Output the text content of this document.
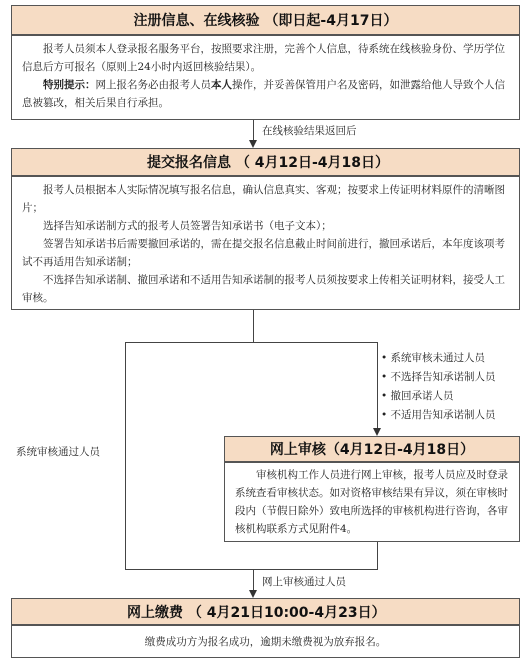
注册信息、在线核验 （即日起-4月17日）

报考人员须本人登录报名服务平台，按照要求注册，完善个人信息，待系统在线核验身份、学历学位信息后方可报名（原则上24小时内返回核验结果）。

特别提示：网上报名务必由报考人员本人操作，并妥善保管用户名及密码，如泄露给他人导致个人信息被篡改，相关后果自行承担。

在线核验结果返回后
提交报名信息 （ 4月12日-4月18日）

报考人员根据本人实际情况填写报名信息，确认信息真实、客观；按要求上传证明材料原件的清晰图片；

选择告知承诺制方式的报考人员签署告知承诺书（电子文本）；

签署告知承诺书后需要撤回承诺的，需在提交报名信息截止时间前进行，撤回承诺后，本年度该项考试不再适用告知承诺制；

不选择告知承诺制、撤回承诺和不适用告知承诺制的报考人员须按要求上传相关证明材料，接受人工审核。

系统审核通过人员
• 系统审核未通过人员
• 不选择告知承诺制人员
• 撤回承诺人员
• 不适用告知承诺制人员
网上审核（4月12日-4月18日）

审核机构工作人员进行网上审核，报考人员应及时登录系统查看审核状态。如对资格审核结果有异议，须在审核时段内（节假日除外）致电所选择的审核机构进行咨询，各审核机构联系方式见附件4。

网上审核通过人员
网上缴费 （ 4月21日10:00-4月23日）

缴费成功方为报名成功，逾期未缴费视为放弃报名。
